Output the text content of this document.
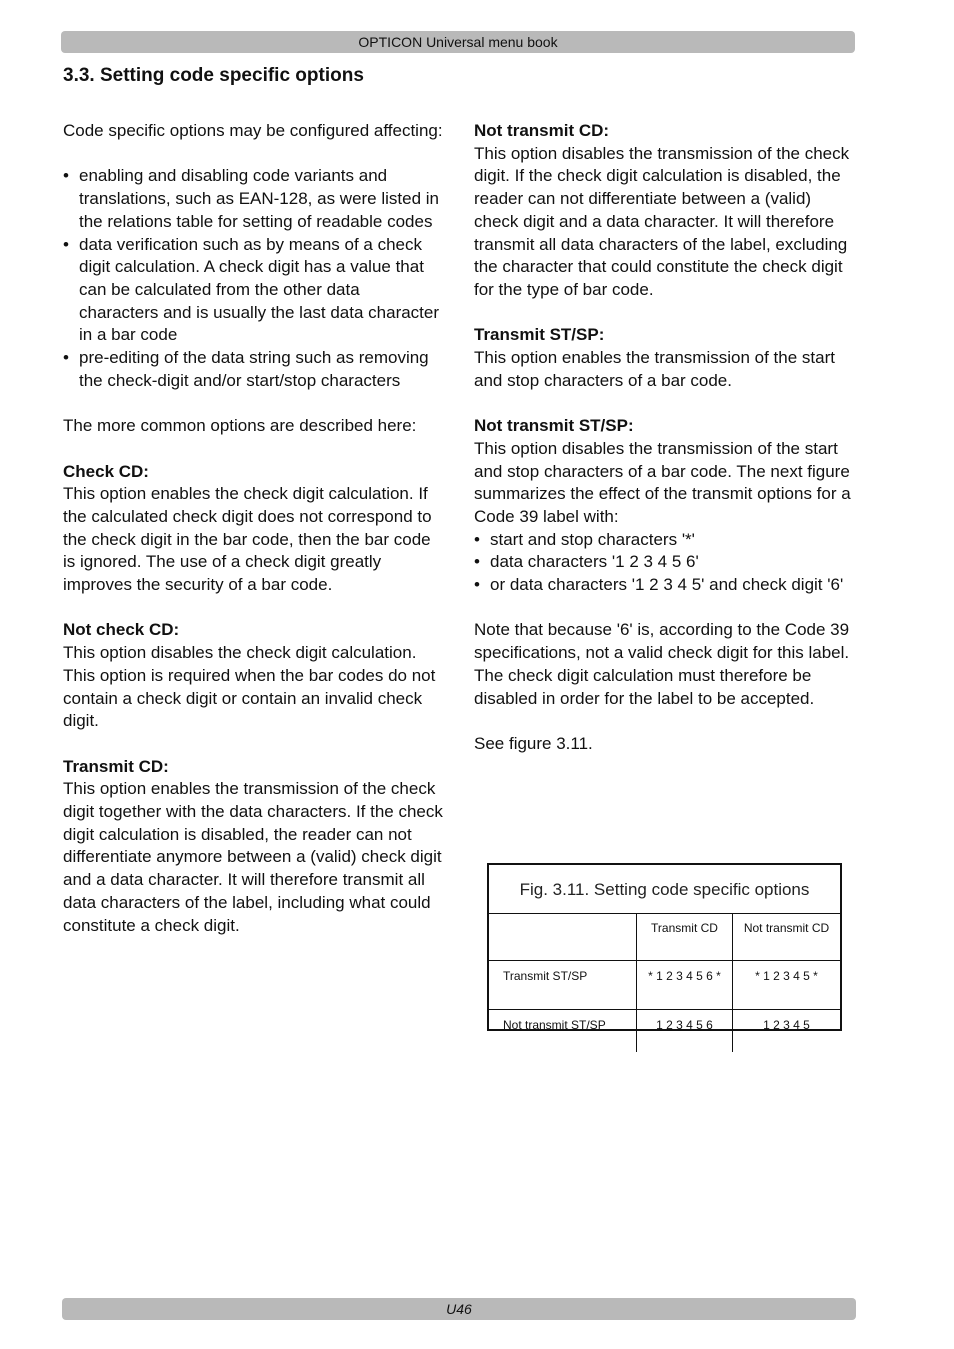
OPTICON Universal menu book
3.3. Setting code specific options

Code specific options may be configured affecting:

• enabling and disabling code variants and translations, such as EAN-128, as were listed in the relations table for setting of readable codes
• data verification such as by means of a check digit calculation. A check digit has a value that can be calculated from the other data characters and is usually the last data character in a bar code
• pre-editing of the data string such as removing the check-digit and/or start/stop characters

The more common options are described here:

Check CD:

This option enables the check digit calculation. If the calculated check digit does not correspond to the check digit in the bar code, then the bar code is ignored. The use of a check digit greatly improves the security of a bar code.

Not check CD:

This option disables the check digit calculation. This option is required when the bar codes do not contain a check digit or contain an invalid check digit.

Transmit CD:

This option enables the transmission of the check digit together with the data characters. If the check digit calculation is disabled, the reader can not differentiate anymore between a (valid) check digit and a data character. It will therefore transmit all data characters of the label, including what could constitute a check digit.

Not transmit CD:

This option disables the transmission of the check digit. If the check digit calculation is disabled, the reader can not differentiate between a (valid) check digit and a data character. It will therefore transmit all data characters of the label, excluding the character that could constitute the check digit for the type of bar code.

Transmit ST/SP:

This option enables the transmission of the start and stop characters of a bar code.

Not transmit ST/SP:

This option disables the transmission of the start and stop characters of a bar code. The next figure summarizes the effect of the transmit options for a Code 39 label with:

• start and stop characters '*'
• data characters '1 2 3 4 5 6'
• or data characters '1 2 3 4 5' and check digit '6'

Note that because '6' is, according to the Code 39 specifications, not a valid check digit for this label. The check digit calculation must therefore be disabled in order for the label to be accepted.

See figure 3.11.

Fig. 3.11. Setting code specific options
	Transmit CD	Not transmit CD
Transmit ST/SP	* 1 2 3 4 5 6 *	* 1 2 3 4 5 *
Not transmit ST/SP	1 2 3 4 5 6	1 2 3 4 5
U46
